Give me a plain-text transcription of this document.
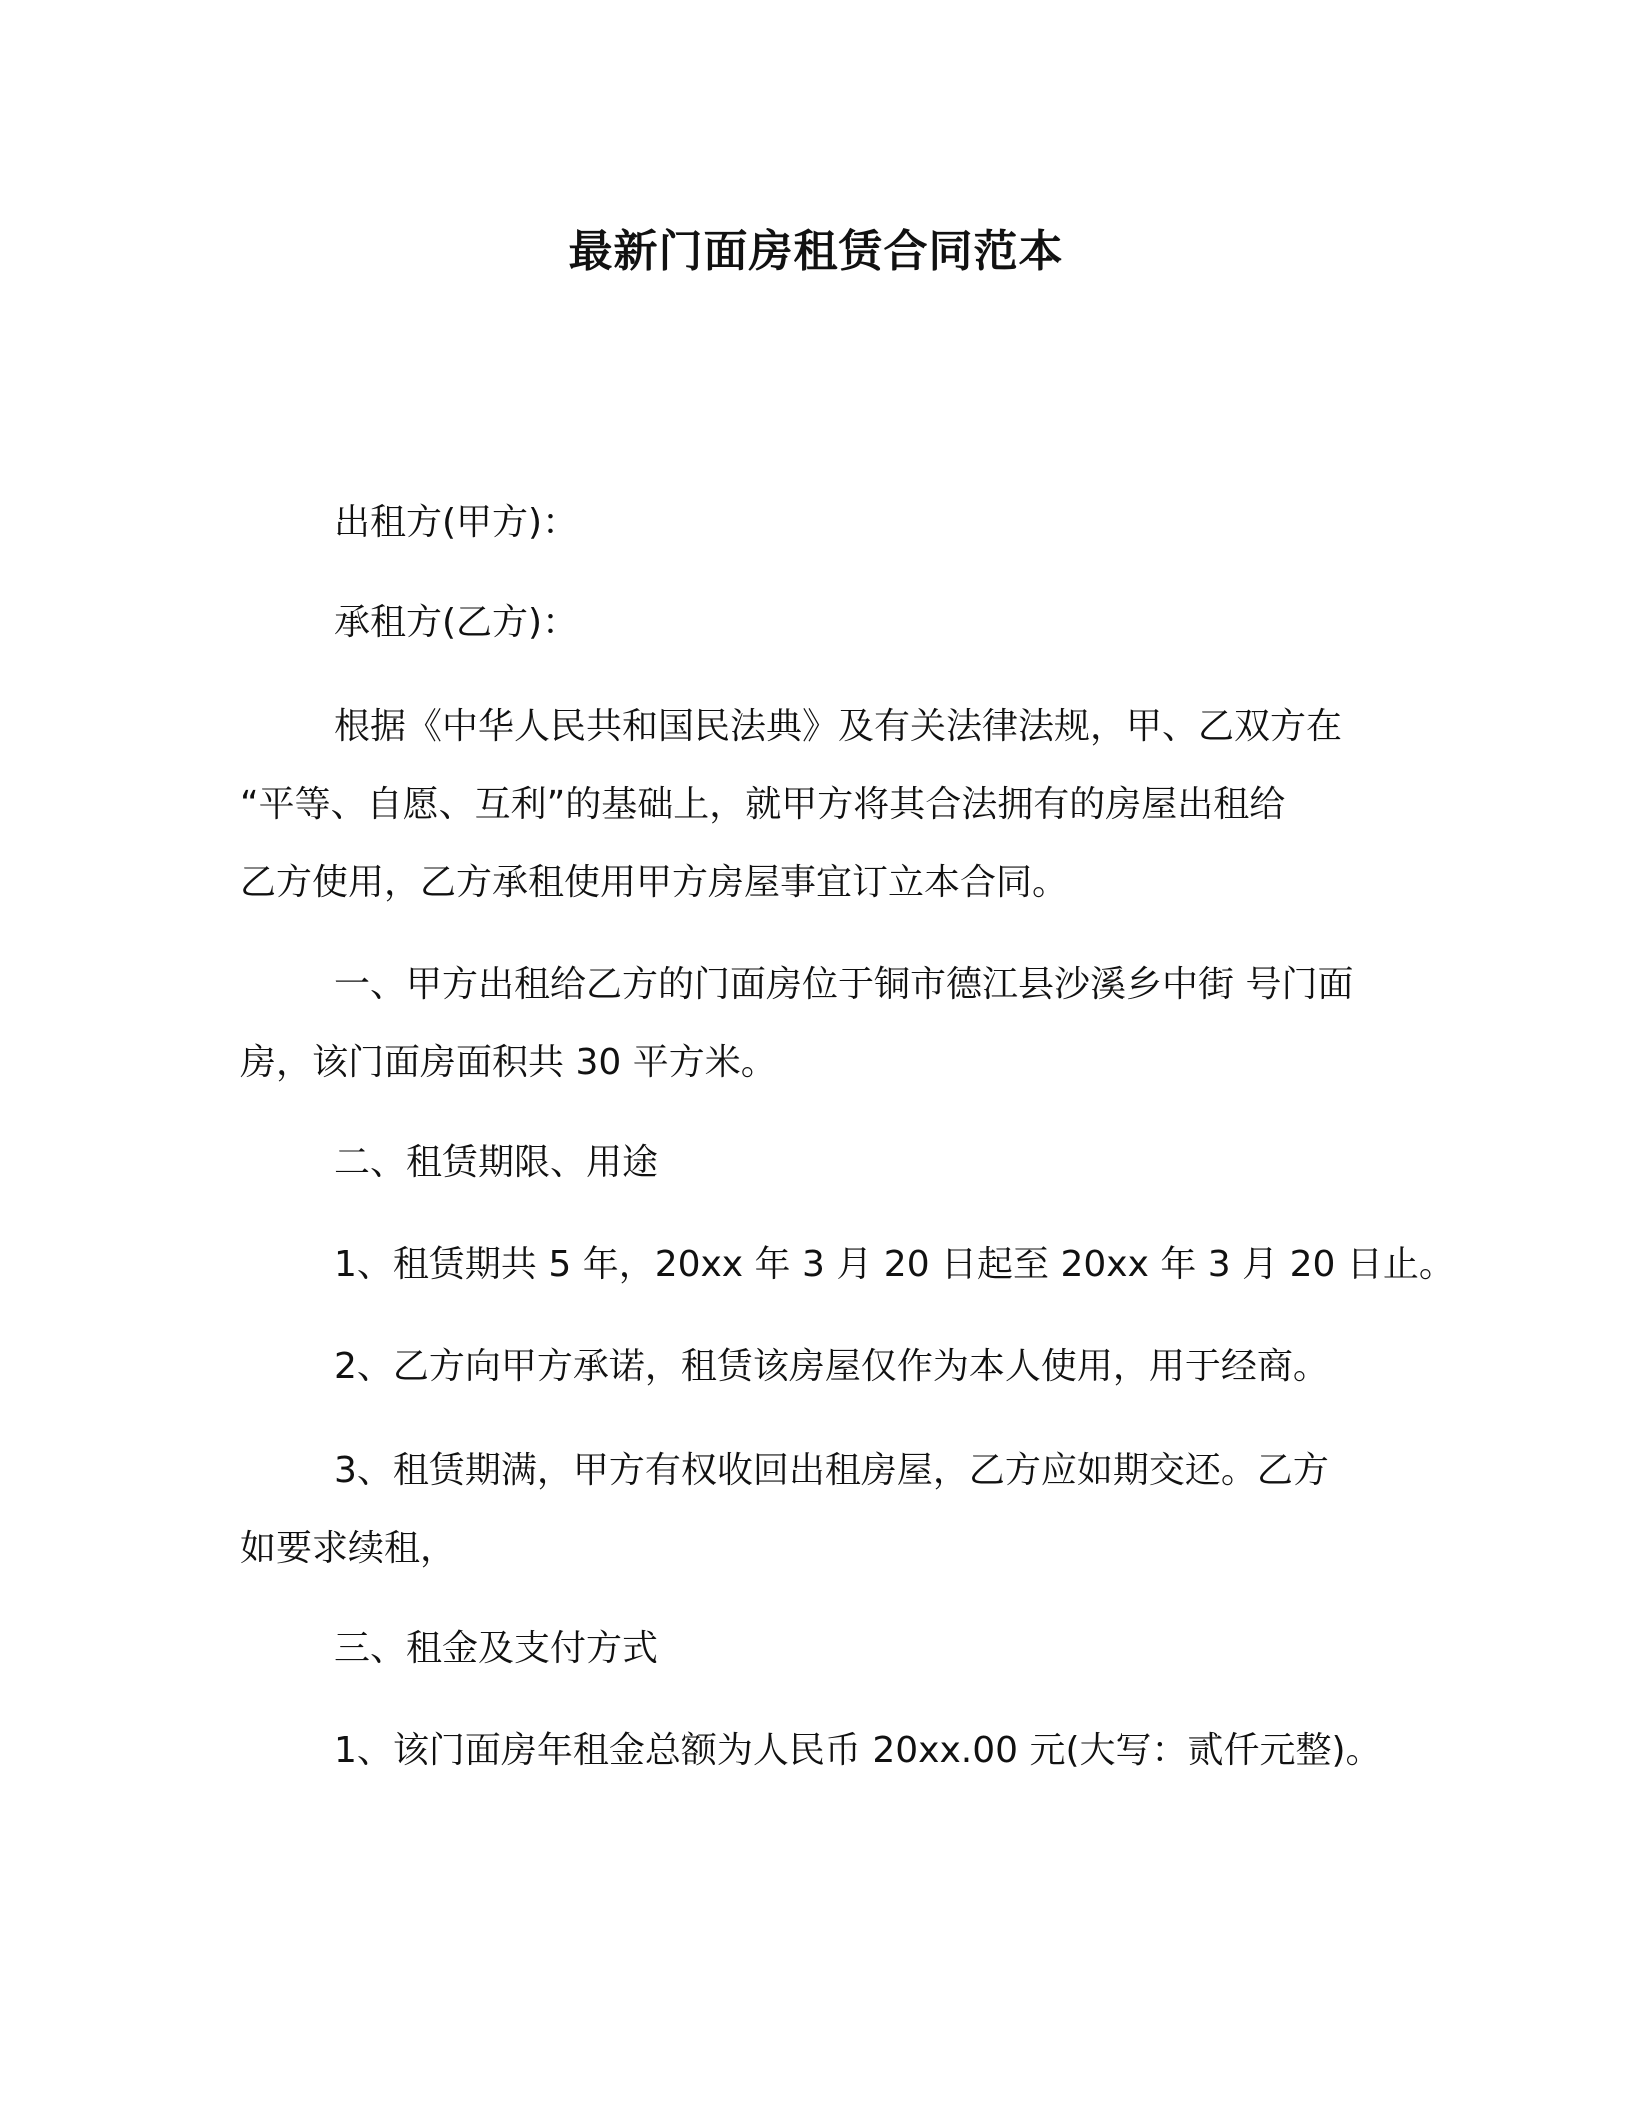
最新门面房租赁合同范本
出租方(甲方)：
承租方(乙方)：
根据《中华人民共和国民法典》及有关法律法规，甲、乙双方在
“平等、自愿、互利”的基础上，就甲方将其合法拥有的房屋出租给
乙方使用，乙方承租使用甲方房屋事宜订立本合同。
一、甲方出租给乙方的门面房位于铜市德江县沙溪乡中街 号门面
房，该门面房面积共 30 平方米。
二、租赁期限、用途
1、租赁期共 5 年，20xx 年 3 月 20 日起至 20xx 年 3 月 20 日止。
2、乙方向甲方承诺，租赁该房屋仅作为本人使用，用于经商。
3、租赁期满，甲方有权收回出租房屋，乙方应如期交还。乙方
如要求续租，
三、租金及支付方式
1、该门面房年租金总额为人民币 20xx.00 元(大写：贰仟元整)。
